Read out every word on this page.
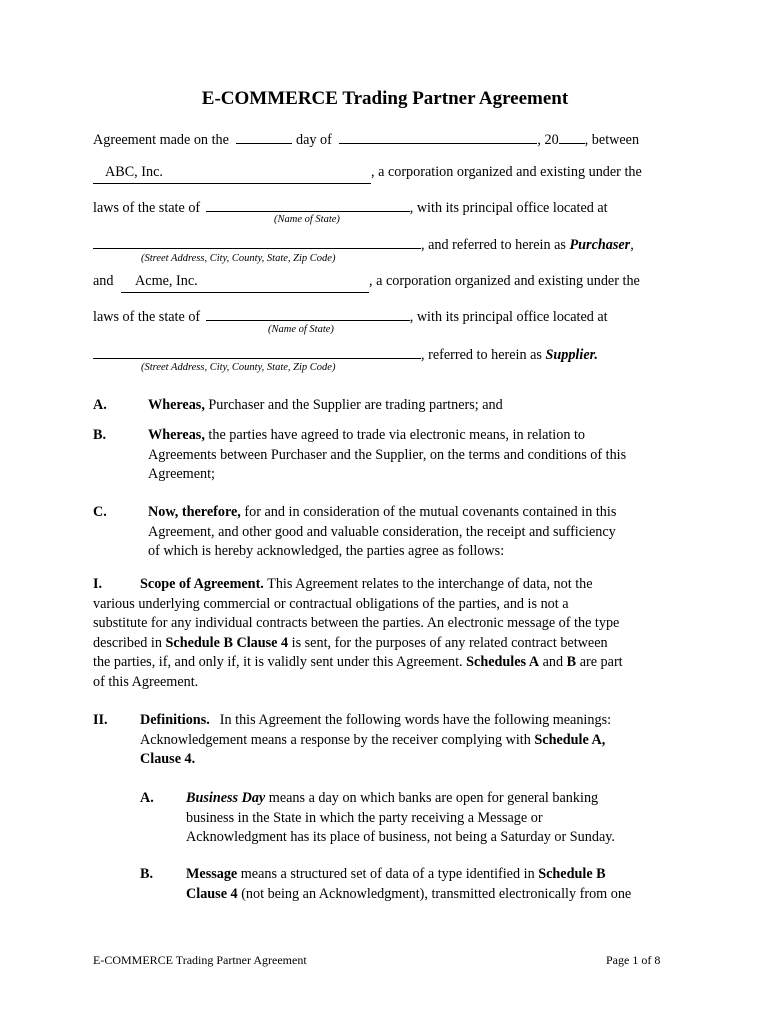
E-COMMERCE Trading Partner Agreement
Agreement made on the	day of	, 20 , between
ABC, Inc.	, a corporation organized and existing under the
laws of the state of	, with its principal office located at
(Name of State)
, and referred to herein as Purchaser,
(Street Address, City, County, State, Zip Code)
and Acme, Inc.	, a corporation organized and existing under the
laws of the state of	, with its principal office located at
(Name of State)
, referred to herein as Supplier.
(Street Address, City, County, State, Zip Code)
A.	Whereas, Purchaser and the Supplier are trading partners; and
B.	Whereas, the parties have agreed to trade via electronic means, in relation to
Agreements between Purchaser and the Supplier, on the terms and conditions of this
Agreement;
C.	Now, therefore, for and in consideration of the mutual covenants contained in this
Agreement, and other good and valuable consideration, the receipt and sufficiency
of which is hereby acknowledged, the parties agree as follows:
I.	Scope of Agreement. This Agreement relates to the interchange of data, not the
various underlying commercial or contractual obligations of the parties, and is not a
substitute for any individual contracts between the parties. An electronic message of the type
described in Schedule B Clause 4 is sent, for the purposes of any related contract between
the parties, if, and only if, it is validly sent under this Agreement. Schedules A and B are part
of this Agreement.
II. Definitions. In this Agreement the following words have the following meanings:
Acknowledgement means a response by the receiver complying with Schedule A,
Clause 4.
A. Business Day means a day on which banks are open for general banking
business in the State in which the party receiving a Message or
Acknowledgment has its place of business, not being a Saturday or Sunday.
B. Message means a structured set of data of a type identified in Schedule B
Clause 4 (not being an Acknowledgment), transmitted electronically from one
E-COMMERCE Trading Partner Agreement	Page 1 of 8
